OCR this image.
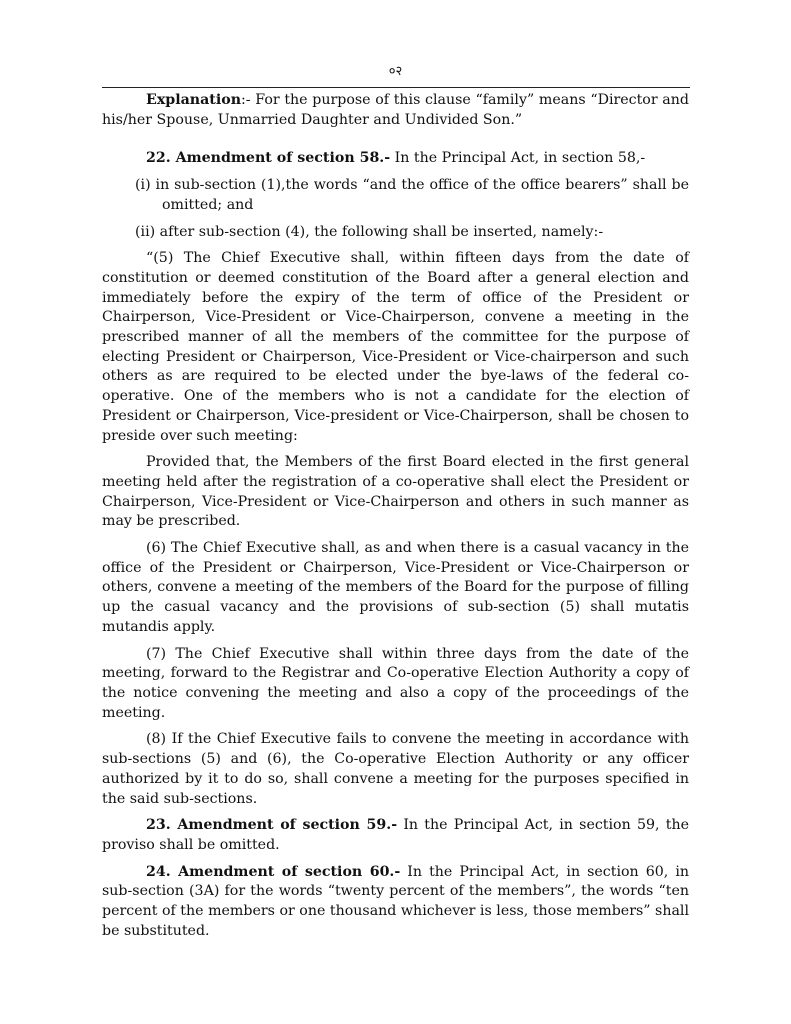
०२

Explanation:- For the purpose of this clause “family” means “Director and his/her Spouse, Unmarried Daughter and Undivided Son.”

22. Amendment of section 58.- In the Principal Act, in section 58,-

(i) in sub-section (1),the words “and the office of the office bearers” shall be omitted; and

(ii) after sub-section (4), the following shall be inserted, namely:-

“(5) The Chief Executive shall, within fifteen days from the date of constitution or deemed constitution of the Board after a general election and immediately before the expiry of the term of office of the President or Chairperson, Vice-President or Vice-Chairperson, convene a meeting in the prescribed manner of all the members of the committee for the purpose of electing President or Chairperson, Vice-President or Vice-chairperson and such others as are required to be elected under the bye-laws of the federal co-operative. One of the members who is not a candidate for the election of President or Chairperson, Vice-president or Vice-Chairperson, shall be chosen to preside over such meeting:

Provided that, the Members of the first Board elected in the first general meeting held after the registration of a co-operative shall elect the President or Chairperson, Vice-President or Vice-Chairperson and others in such manner as may be prescribed.

(6) The Chief Executive shall, as and when there is a casual vacancy in the office of the President or Chairperson, Vice-President or Vice-Chairperson or others, convene a meeting of the members of the Board for the purpose of filling up the casual vacancy and the provisions of sub-section (5) shall mutatis mutandis apply.

(7) The Chief Executive shall within three days from the date of the meeting, forward to the Registrar and Co-operative Election Authority a copy of the notice convening the meeting and also a copy of the proceedings of the meeting.

(8) If the Chief Executive fails to convene the meeting in accordance with sub-sections (5) and (6), the Co-operative Election Authority or any officer authorized by it to do so, shall convene a meeting for the purposes specified in the said sub-sections.

23. Amendment of section 59.- In the Principal Act, in section 59, the proviso shall be omitted.

24. Amendment of section 60.- In the Principal Act, in section 60, in sub-section (3A) for the words “twenty percent of the members”, the words “ten percent of the members or one thousand whichever is less, those members” shall be substituted.
